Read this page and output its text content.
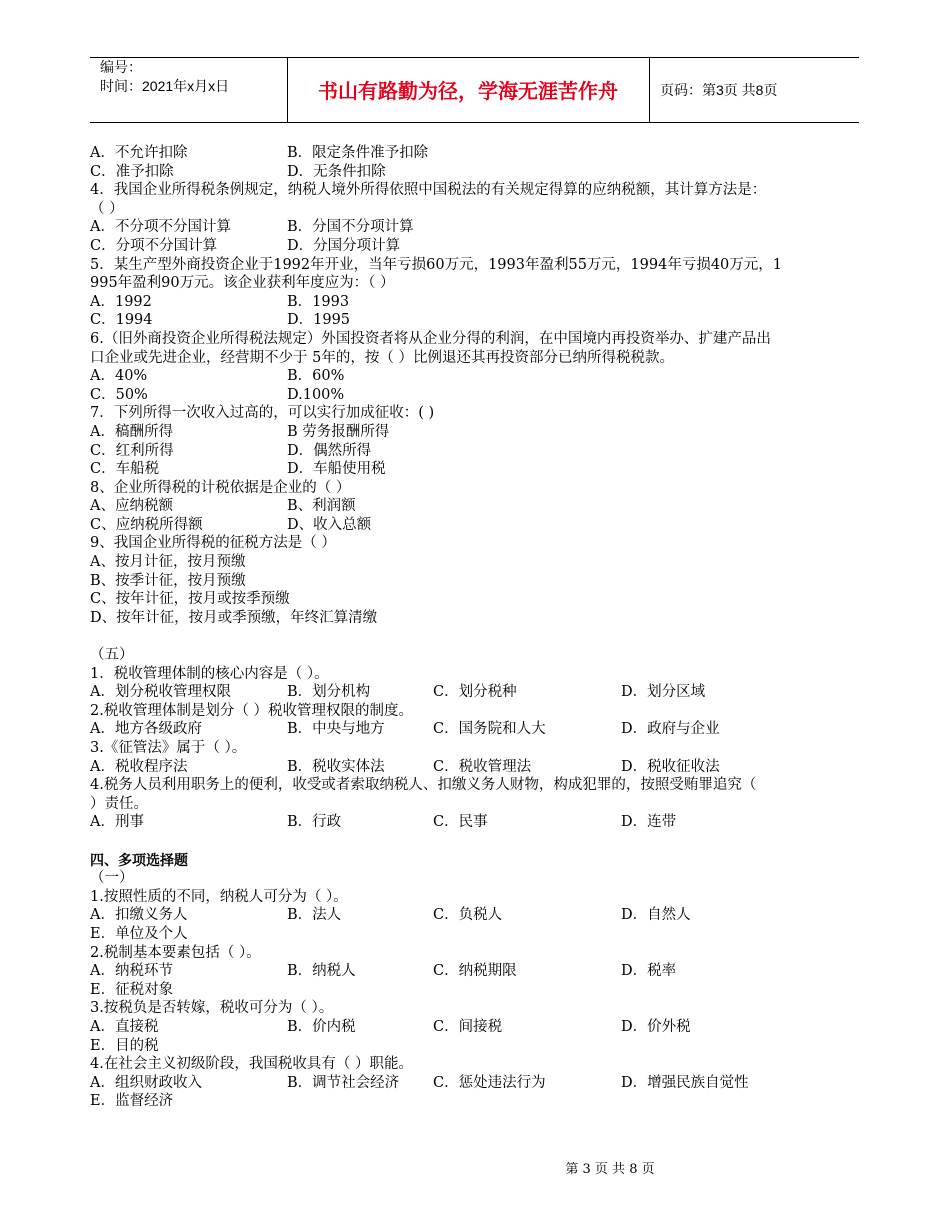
编号：
时间：2021年x月x日	书山有路勤为径，学海无涯苦作舟	页码：第3页 共8页
A．不允许扣除	B．限定条件准予扣除
C．准予扣除	D．无条件扣除
4．我国企业所得税条例规定，纳税人境外所得依照中国税法的有关规定得算的应纳税额，其计算方法是：
（ ）
A．不分项不分国计算	B．分国不分项计算
C．分项不分国计算	D．分国分项计算
5．某生产型外商投资企业于1992年开业，当年亏损60万元，1993年盈利55万元，1994年亏损40万元，1
995年盈利90万元。该企业获利年度应为：（ ）
A．1992	B．1993
C．1994	D．1995
6.（旧外商投资企业所得税法规定）外国投资者将从企业分得的利润，在中国境内再投资举办、扩建产品出
口企业或先进企业，经营期不少于 5年的，按（ ）比例退还其再投资部分已纳所得税税款。
A．40%	B．60%
C．50%	D.100%
7．下列所得一次收入过高的，可以实行加成征收：( )
A．稿酬所得	B 劳务报酬所得
C．红利所得	D．偶然所得
C．车船税	D．车船使用税
8、企业所得税的计税依据是企业的（ ）
A、应纳税额	B、利润额
C、应纳税所得额	D、收入总额
9、我国企业所得税的征税方法是（ ）
A、按月计征，按月预缴
B、按季计征，按月预缴
C、按年计征，按月或按季预缴
D、按年计征，按月或季预缴，年终汇算清缴
（五）
1．税收管理体制的核心内容是（ ）。
A．划分税收管理权限	B．划分机构	C．划分税种	D．划分区域
2.税收管理体制是划分（ ）税收管理权限的制度。
A．地方各级政府	B．中央与地方	C．国务院和人大	D．政府与企业
3.《征管法》属于（ ）。
A．税收程序法	B．税收实体法	C．税收管理法	D．税收征收法
4.税务人员利用职务上的便利，收受或者索取纳税人、扣缴义务人财物，构成犯罪的，按照受贿罪追究（
）责任。
A．刑事	B．行政	C．民事	D．连带
四、多项选择题
（一）
1.按照性质的不同，纳税人可分为（ ）。
A．扣缴义务人	B．法人	C．负税人	D．自然人
E．单位及个人
2.税制基本要素包括（ ）。
A．纳税环节	B．纳税人	C．纳税期限	D．税率
E．征税对象
3.按税负是否转嫁，税收可分为（ ）。
A．直接税	B．价内税	C．间接税	D．价外税
E．目的税
4.在社会主义初级阶段，我国税收具有（ ）职能。
A．组织财政收入	B．调节社会经济 C．惩处违法行为	D．增强民族自觉性
E．监督经济
第 3 页 共 8 页
